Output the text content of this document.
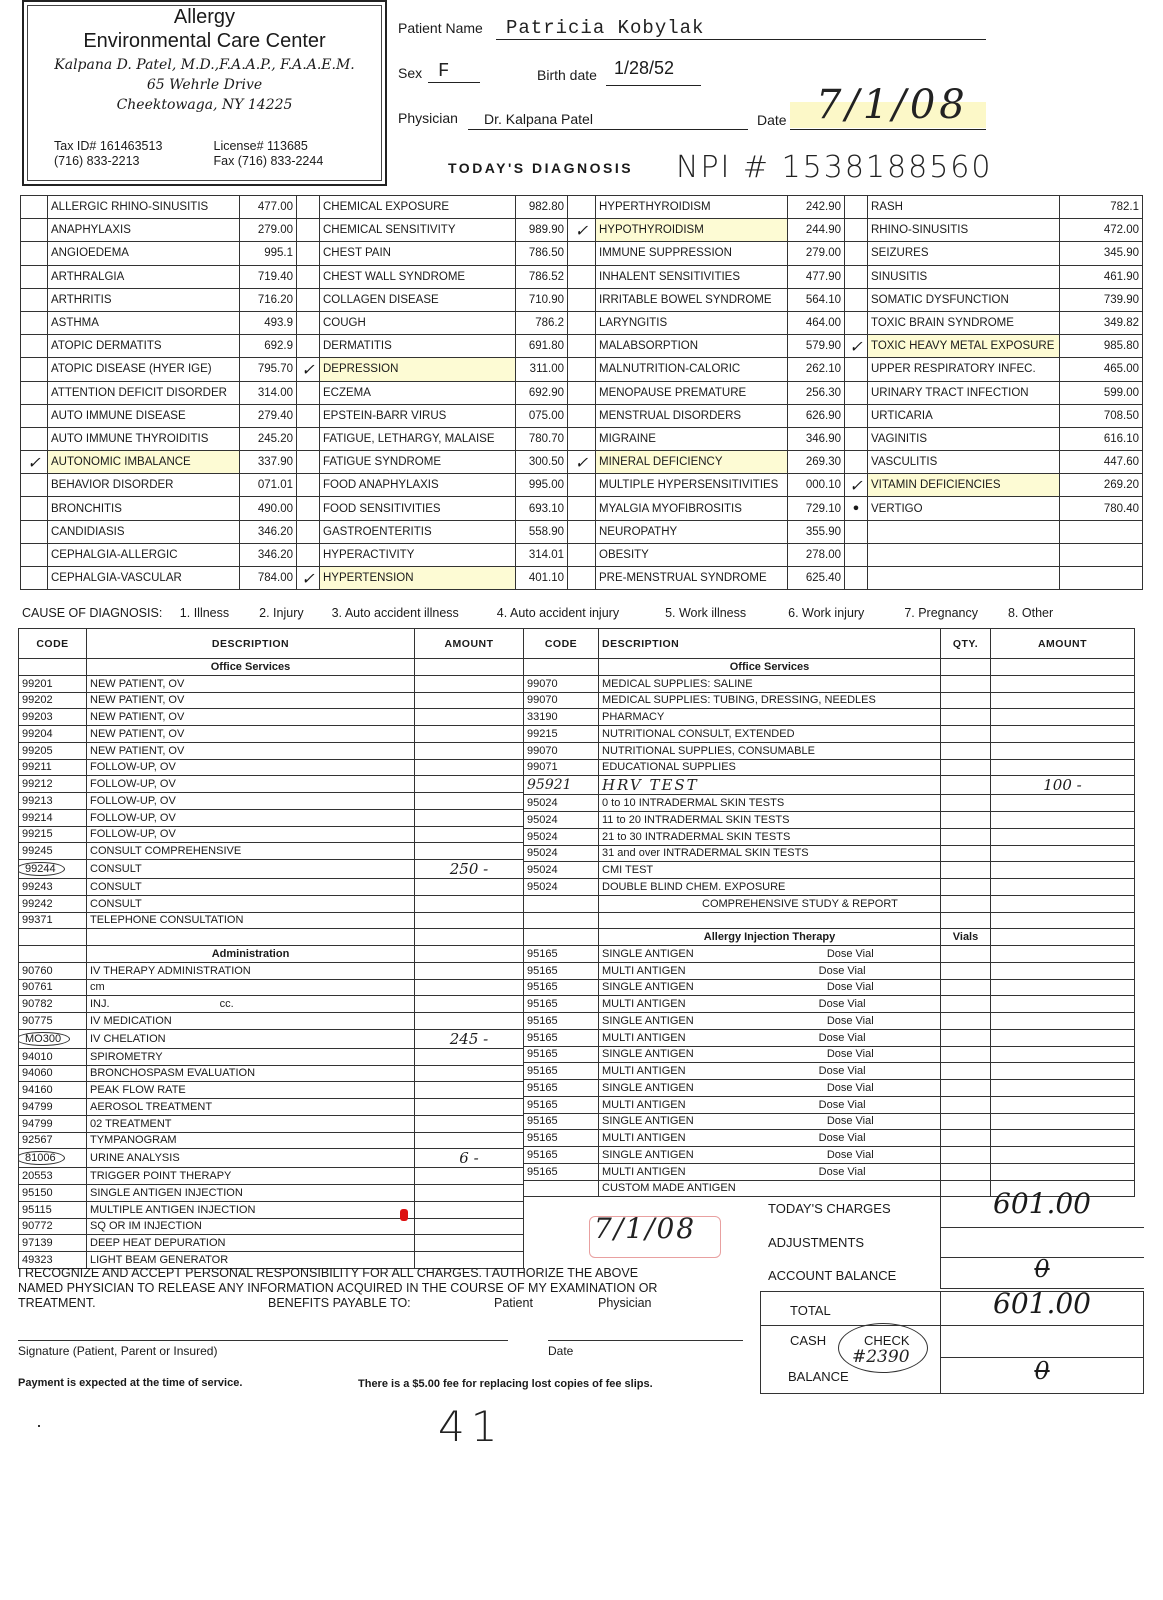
Allergy
Environmental Care Center
Kalpana D. Patel, M.D.,F.A.A.P., F.A.A.E.M.
65 Wehrle Drive
Cheektowaga, NY 14225
Tax ID# 161463513	License# 113685
(716) 833-2213	Fax (716) 833-2244
Patient Name Patricia Kobylak
Sex F	Birth date 1/28/52
Physician Dr. Kalpana Patel	Date 7/1/08
TODAY'S DIAGNOSIS NPI # 1538188560
	ALLERGIC RHINO-SINUSITIS	477.00		CHEMICAL EXPOSURE	982.80		HYPERTHYROIDISM	242.90		RASH	782.1
	ANAPHYLAXIS	279.00		CHEMICAL SENSITIVITY	989.90	✓	HYPOTHYROIDISM	244.90		RHINO-SINUSITIS	472.00
	ANGIOEDEMA	995.1		CHEST PAIN	786.50		IMMUNE SUPPRESSION	279.00		SEIZURES	345.90
	ARTHRALGIA	719.40		CHEST WALL SYNDROME	786.52		INHALENT SENSITIVITIES	477.90		SINUSITIS	461.90
	ARTHRITIS	716.20		COLLAGEN DISEASE	710.90		IRRITABLE BOWEL SYNDROME	564.10		SOMATIC DYSFUNCTION	739.90
	ASTHMA	493.9		COUGH	786.2		LARYNGITIS	464.00		TOXIC BRAIN SYNDROME	349.82
	ATOPIC DERMATITS	692.9		DERMATITIS	691.80		MALABSORPTION	579.90	✓	TOXIC HEAVY METAL EXPOSURE	985.80
	ATOPIC DISEASE (HYER IGE)	795.70	✓	DEPRESSION	311.00		MALNUTRITION-CALORIC	262.10		UPPER RESPIRATORY INFEC.	465.00
	ATTENTION DEFICIT DISORDER	314.00		ECZEMA	692.90		MENOPAUSE PREMATURE	256.30		URINARY TRACT INFECTION	599.00
	AUTO IMMUNE DISEASE	279.40		EPSTEIN-BARR VIRUS	075.00		MENSTRUAL DISORDERS	626.90		URTICARIA	708.50
	AUTO IMMUNE THYROIDITIS	245.20		FATIGUE, LETHARGY, MALAISE	780.70		MIGRAINE	346.90		VAGINITIS	616.10
✓	AUTONOMIC IMBALANCE	337.90		FATIGUE SYNDROME	300.50	✓	MINERAL DEFICIENCY	269.30		VASCULITIS	447.60
	BEHAVIOR DISORDER	071.01		FOOD ANAPHYLAXIS	995.00		MULTIPLE HYPERSENSITIVITIES	000.10	✓	VITAMIN DEFICIENCIES	269.20
	BRONCHITIS	490.00		FOOD SENSITIVITIES	693.10		MYALGIA MYOFIBROSITIS	729.10	•	VERTIGO	780.40
	CANDIDIASIS	346.20		GASTROENTERITIS	558.90		NEUROPATHY	355.90			
	CEPHALGIA-ALLERGIC	346.20		HYPERACTIVITY	314.01		OBESITY	278.00			
	CEPHALGIA-VASCULAR	784.00	✓	HYPERTENSION	401.10		PRE-MENSTRUAL SYNDROME	625.40			
CAUSE OF DIAGNOSIS: 1. Illness 2. Injury 3. Auto accident illness	4. Auto accident injury	5. Work illness	6. Work injury	7. Pregnancy 8. Other
CODE	DESCRIPTION	AMOUNT
	Office Services	
99201	NEW PATIENT, OV	
99202	NEW PATIENT, OV	
99203	NEW PATIENT, OV	
99204	NEW PATIENT, OV	
99205	NEW PATIENT, OV	
99211	FOLLOW-UP, OV	
99212	FOLLOW-UP, OV	
99213	FOLLOW-UP, OV	
99214	FOLLOW-UP, OV	
99215	FOLLOW-UP, OV	
99245	CONSULT COMPREHENSIVE	
99244	CONSULT	250 -
99243	CONSULT	
99242	CONSULT	
99371	TELEPHONE CONSULTATION	

	Administration	
90760	IV THERAPY ADMINISTRATION	
90761	cm	
90782	INJ. cc.	
90775	IV MEDICATION	
MO300	IV CHELATION	245 -
94010	SPIROMETRY	
94060	BRONCHOSPASM EVALUATION	
94160	PEAK FLOW RATE	
94799	AEROSOL TREATMENT	
94799	02 TREATMENT	
92567	TYMPANOGRAM	
81006	URINE ANALYSIS	6 -
20553	TRIGGER POINT THERAPY	
95150	SINGLE ANTIGEN INJECTION	
95115	MULTIPLE ANTIGEN INJECTION	
90772	SQ OR IM INJECTION	
97139	DEEP HEAT DEPURATION	
49323	LIGHT BEAM GENERATOR	
CODE	DESCRIPTION	QTY.	AMOUNT
	Office Services		
99070	MEDICAL SUPPLIES: SALINE		
99070	MEDICAL SUPPLIES: TUBING, DRESSING, NEEDLES		
33190	PHARMACY		
99215	NUTRITIONAL CONSULT, EXTENDED		
99070	NUTRITIONAL SUPPLIES, CONSUMABLE		
99071	EDUCATIONAL SUPPLIES		
95921	HRV TEST		100 -
95024	0 to 10 INTRADERMAL SKIN TESTS		
95024	11 to 20 INTRADERMAL SKIN TESTS		
95024	21 to 30 INTRADERMAL SKIN TESTS		
95024	31 and over INTRADERMAL SKIN TESTS		
95024	CMI TEST		
95024	DOUBLE BLIND CHEM. EXPOSURE		
	COMPREHENSIVE STUDY & REPORT		

	Allergy Injection Therapy	Vials	
95165	SINGLE ANTIGEN Dose Vial		
95165	MULTI ANTIGEN Dose Vial		
95165	SINGLE ANTIGEN Dose Vial		
95165	MULTI ANTIGEN Dose Vial		
95165	SINGLE ANTIGEN Dose Vial		
95165	MULTI ANTIGEN Dose Vial		
95165	SINGLE ANTIGEN Dose Vial		
95165	MULTI ANTIGEN Dose Vial		
95165	SINGLE ANTIGEN Dose Vial		
95165	MULTI ANTIGEN Dose Vial		
95165	SINGLE ANTIGEN Dose Vial		
95165	MULTI ANTIGEN Dose Vial		
95165	SINGLE ANTIGEN Dose Vial		
95165	MULTI ANTIGEN Dose Vial		
	CUSTOM MADE ANTIGEN		
7/1/08
TODAY'S CHARGES	601.00
ADJUSTMENTS
ACCOUNT BALANCE	0
TOTAL	601.00
CASH	CHECK
#2390
BALANCE	0
I RECOGNIZE AND ACCEPT PERSONAL RESPONSIBILITY FOR ALL CHARGES. I AUTHORIZE THE ABOVE
NAMED PHYSICIAN TO RELEASE ANY INFORMATION ACQUIRED IN THE COURSE OF MY EXAMINATION OR
TREATMENT.	BENEFITS PAYABLE TO:	Patient	Physician
Signature (Patient, Parent or Insured)	Date
Payment is expected at the time of service.	There is a $5.00 fee for replacing lost copies of fee slips.
41
